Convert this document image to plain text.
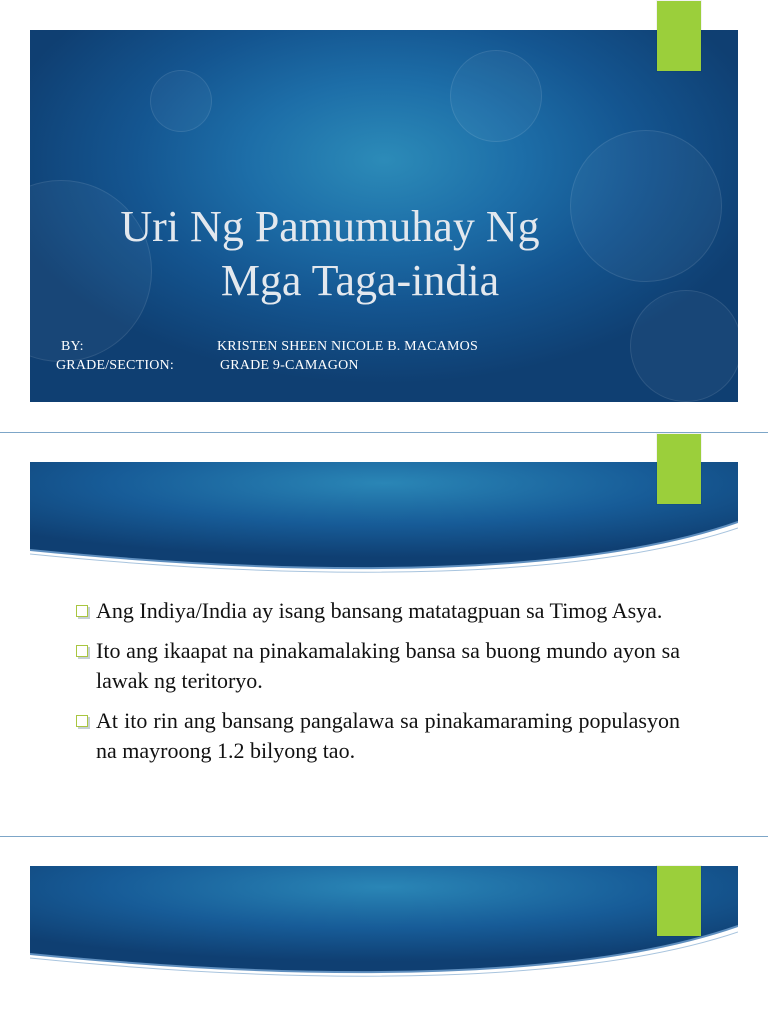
Uri Ng Pamumuhay Ng
Mga Taga-india
BY:	KRISTEN SHEEN NICOLE B. MACAMOS
GRADE/SECTION:	GRADE 9-CAMAGON
Ang Indiya/India ay isang bansang matatagpuan sa Timog Asya.
Ito ang ikaapat na pinakamalaking bansa sa buong mundo ayon sa lawak ng teritoryo.
At ito rin ang bansang pangalawa sa pinakamaraming populasyon na mayroong 1.2 bilyong tao.
